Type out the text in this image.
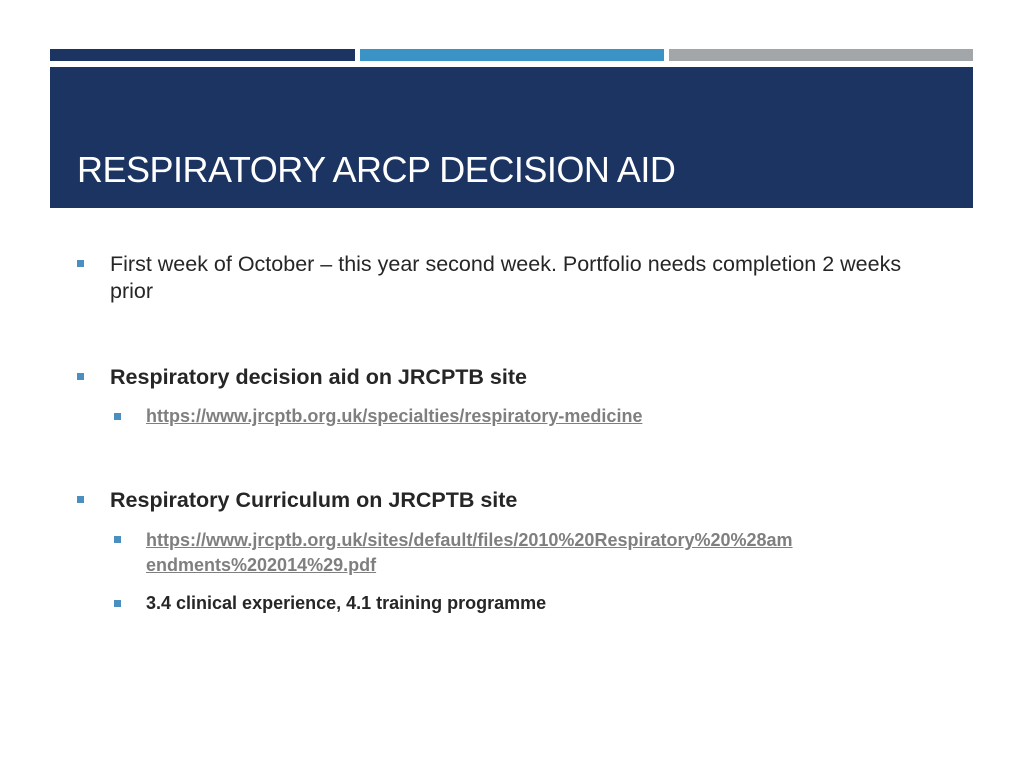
RESPIRATORY ARCP DECISION AID

First week of October – this year second week. Portfolio needs completion 2 weeks prior

Respiratory decision aid on JRCPTB site

https://www.jrcptb.org.uk/specialties/respiratory-medicine

Respiratory Curriculum on JRCPTB site

https://www.jrcptb.org.uk/sites/default/files/2010%20Respiratory%20%28am
endments%202014%29.pdf

3.4 clinical experience, 4.1 training programme
